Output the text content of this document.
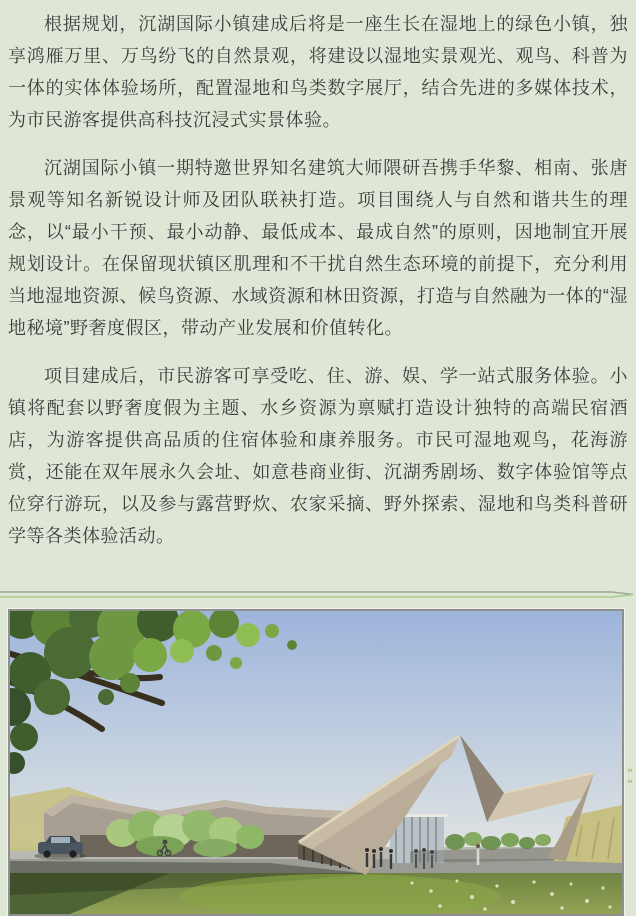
根据规划，沉湖国际小镇建成后将是一座生长在湿地上的绿色小镇，独享鸿雁万里、万鸟纷飞的自然景观，将建设以湿地实景观光、观鸟、科普为一体的实体体验场所，配置湿地和鸟类数字展厅，结合先进的多媒体技术，为市民游客提供高科技沉浸式实景体验。

沉湖国际小镇一期特邀世界知名建筑大师隈研吾携手华黎、相南、张唐景观等知名新锐设计师及团队联袂打造。项目围绕人与自然和谐共生的理念，以“最小干预、最小动静、最低成本、最成自然”的原则，因地制宜开展规划设计。在保留现状镇区肌理和不干扰自然生态环境的前提下，充分利用当地湿地资源、候鸟资源、水域资源和林田资源，打造与自然融为一体的“湿地秘境”野奢度假区，带动产业发展和价值转化。

项目建成后，市民游客可享受吃、住、游、娱、学一站式服务体验。小镇将配套以野奢度假为主题、水乡资源为禀赋打造设计独特的高端民宿酒店，为游客提供高品质的住宿体验和康养服务。市民可湿地观鸟，花海游赏，还能在双年展永久会址、如意巷商业街、沉湖秀剧场、数字体验馆等点位穿行游玩，以及参与露营野炊、农家采摘、野外探索、湿地和鸟类科普研学等各类体验活动。

“ “
